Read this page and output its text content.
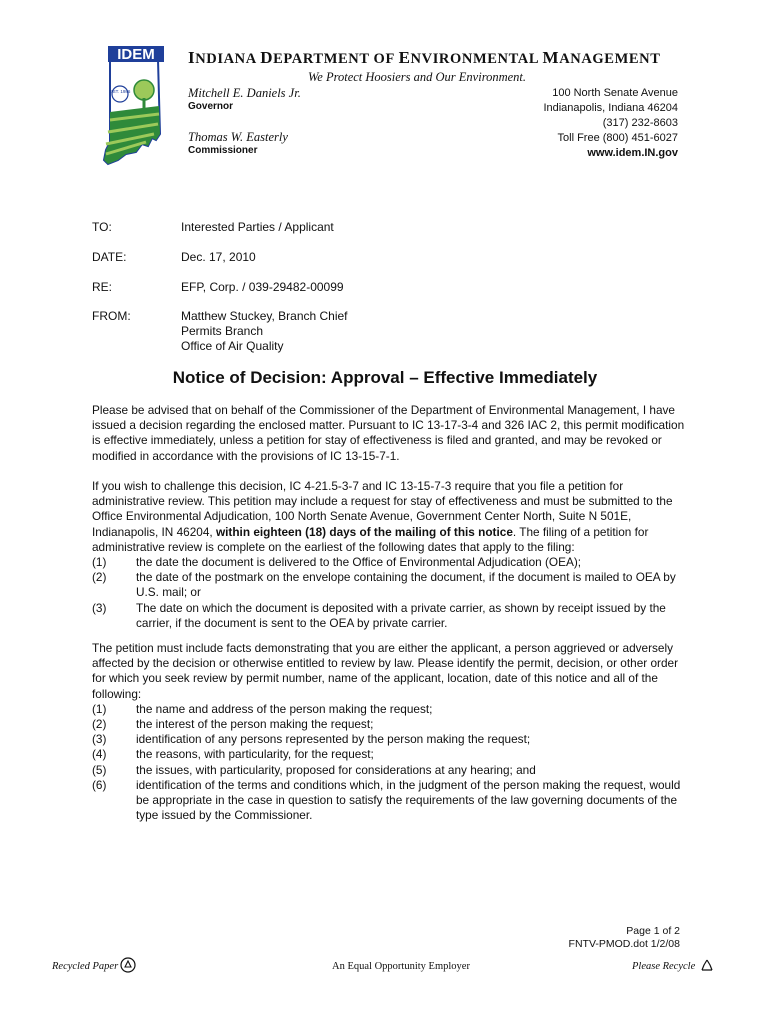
IDEM
EST. 1986
INDIANA DEPARTMENT OF ENVIRONMENTAL MANAGEMENT
We Protect Hoosiers and Our Environment.
Mitchell E. Daniels Jr.
Governor
Thomas W. Easterly
Commissioner
100 North Senate Avenue
Indianapolis, Indiana 46204
(317) 232-8603
Toll Free (800) 451-6027
www.idem.IN.gov
TO:	Interested Parties / Applicant
DATE:	Dec. 17, 2010
RE:	EFP, Corp. / 039-29482-00099
FROM:	Matthew Stuckey, Branch Chief
Permits Branch
Office of Air Quality
Notice of Decision: Approval – Effective Immediately
Please be advised that on behalf of the Commissioner of the Department of Environmental Management, I have issued a decision regarding the enclosed matter. Pursuant to IC 13-17-3-4 and 326 IAC 2, this permit modification is effective immediately, unless a petition for stay of effectiveness is filed and granted, and may be revoked or modified in accordance with the provisions of IC 13-15-7-1.
If you wish to challenge this decision, IC 4-21.5-3-7 and IC 13-15-7-3 require that you file a petition for administrative review. This petition may include a request for stay of effectiveness and must be submitted to the Office Environmental Adjudication, 100 North Senate Avenue, Government Center North, Suite N 501E, Indianapolis, IN 46204, within eighteen (18) days of the mailing of this notice. The filing of a petition for administrative review is complete on the earliest of the following dates that apply to the filing:
(1)	the date the document is delivered to the Office of Environmental Adjudication (OEA);
(2)	the date of the postmark on the envelope containing the document, if the document is mailed to OEA by U.S. mail; or
(3)	The date on which the document is deposited with a private carrier, as shown by receipt issued by the carrier, if the document is sent to the OEA by private carrier.
The petition must include facts demonstrating that you are either the applicant, a person aggrieved or adversely affected by the decision or otherwise entitled to review by law. Please identify the permit, decision, or other order for which you seek review by permit number, name of the applicant, location, date of this notice and all of the following:
(1)	the name and address of the person making the request;
(2)	the interest of the person making the request;
(3)	identification of any persons represented by the person making the request;
(4)	the reasons, with particularity, for the request;
(5)	the issues, with particularity, proposed for considerations at any hearing; and
(6)	identification of the terms and conditions which, in the judgment of the person making the request, would be appropriate in the case in question to satisfy the requirements of the law governing documents of the type issued by the Commissioner.
Page 1 of 2
FNTV-PMOD.dot 1/2/08
Recycled Paper	An Equal Opportunity Employer	Please Recycle
